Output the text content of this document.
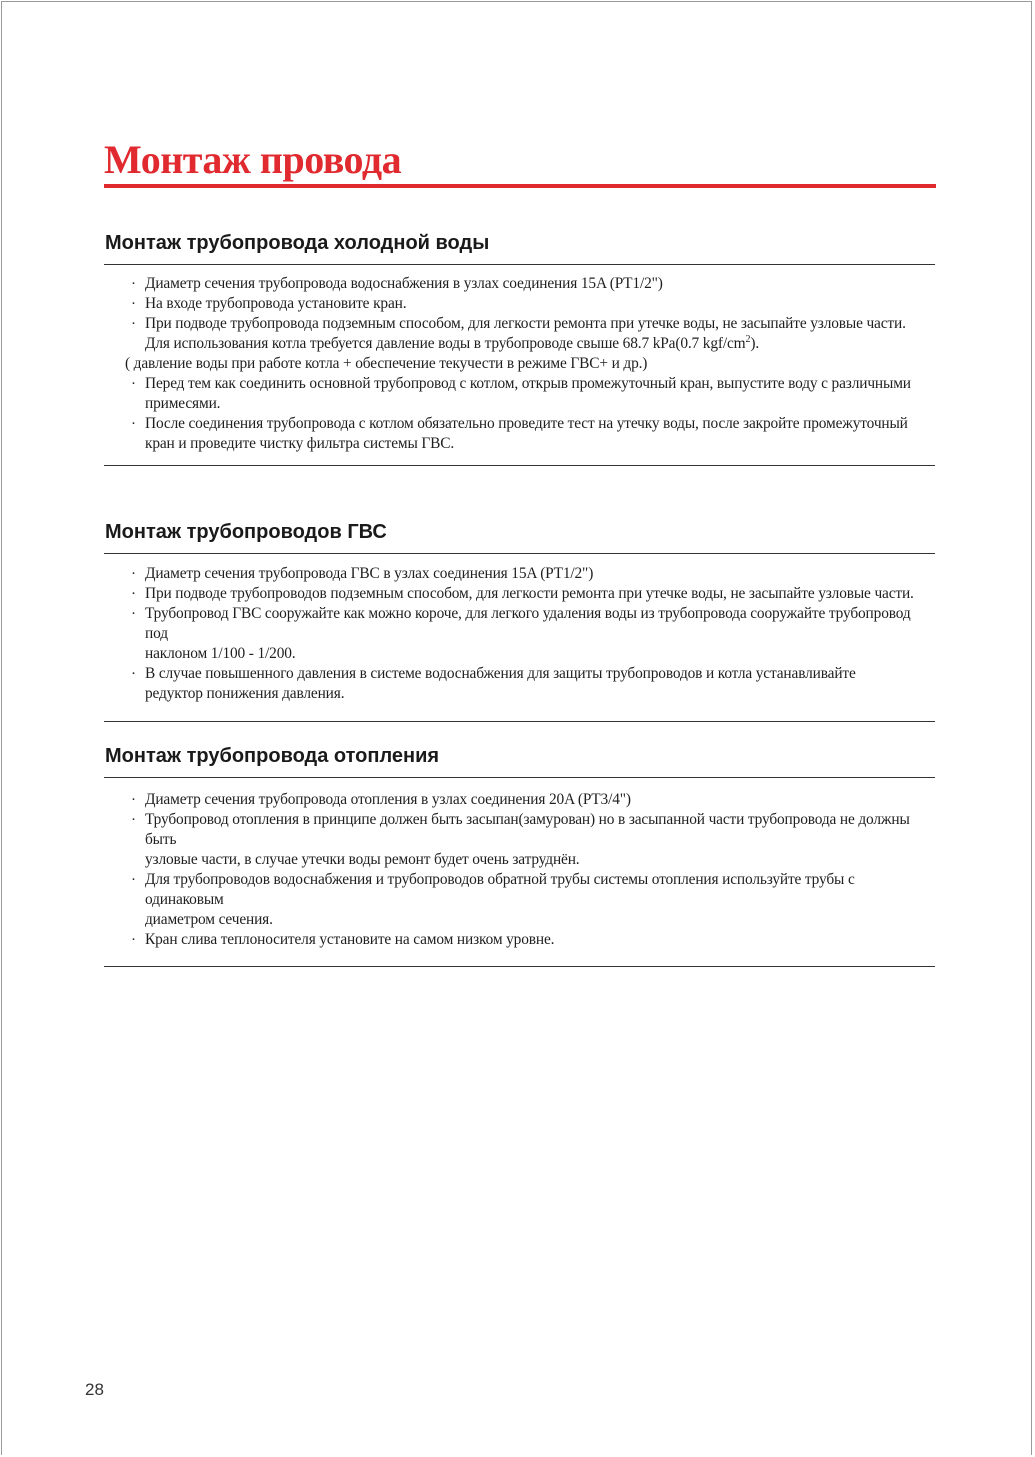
Монтаж провода
Монтаж трубопровода холодной воды
· Диаметр сечения трубопровода водоснабжения в узлах соединения 15A (PT1/2")
· На входе трубопровода установите кран.
· При подводе трубопровода подземным способом, для легкости ремонта при утечке воды, не засыпайте узловые части.
Для использования котла требуется давление воды в трубопроводе свыше 68.7 kPa(0.7 kgf/$cm^2$).
( давление воды при работе котла + обеспечение текучести в режиме ГВС+ и др.)
· Перед тем как соединить основной трубопровод с котлом, открыв промежуточный кран, выпустите воду с различными
примесями.
· После соединения трубопровода с котлом обязательно проведите тест на утечку воды, после закройте промежуточный
кран и проведите чистку фильтра системы ГВС.
Монтаж трубопроводов ГВС
· Диаметр сечения трубопровода ГВС в узлах соединения 15A (PT1/2")
· При подводе трубопроводов подземным способом, для легкости ремонта при утечке воды, не засыпайте узловые части.
· Трубопровод ГВС сооружайте как можно короче, для легкого удаления воды из трубопровода сооружайте трубопровод под
наклоном 1/100 - 1/200.
· В случае повышенного давления в системе водоснабжения для защиты трубопроводов и котла устанавливайте
редуктор понижения давления.
Монтаж трубопровода отопления
· Диаметр сечения трубопровода отопления в узлах соединения 20A (PT3/4")
· Трубопровод отопления в принципе должен быть засыпан(замурован) но в засыпанной части трубопровода не должны быть
узловые части, в случае утечки воды ремонт будет очень затруднён.
· Для трубопроводов водоснабжения и трубопроводов обратной трубы системы отопления используйте трубы с одинаковым
диаметром сечения.
· Кран слива теплоносителя установите на самом низком уровне.
28
